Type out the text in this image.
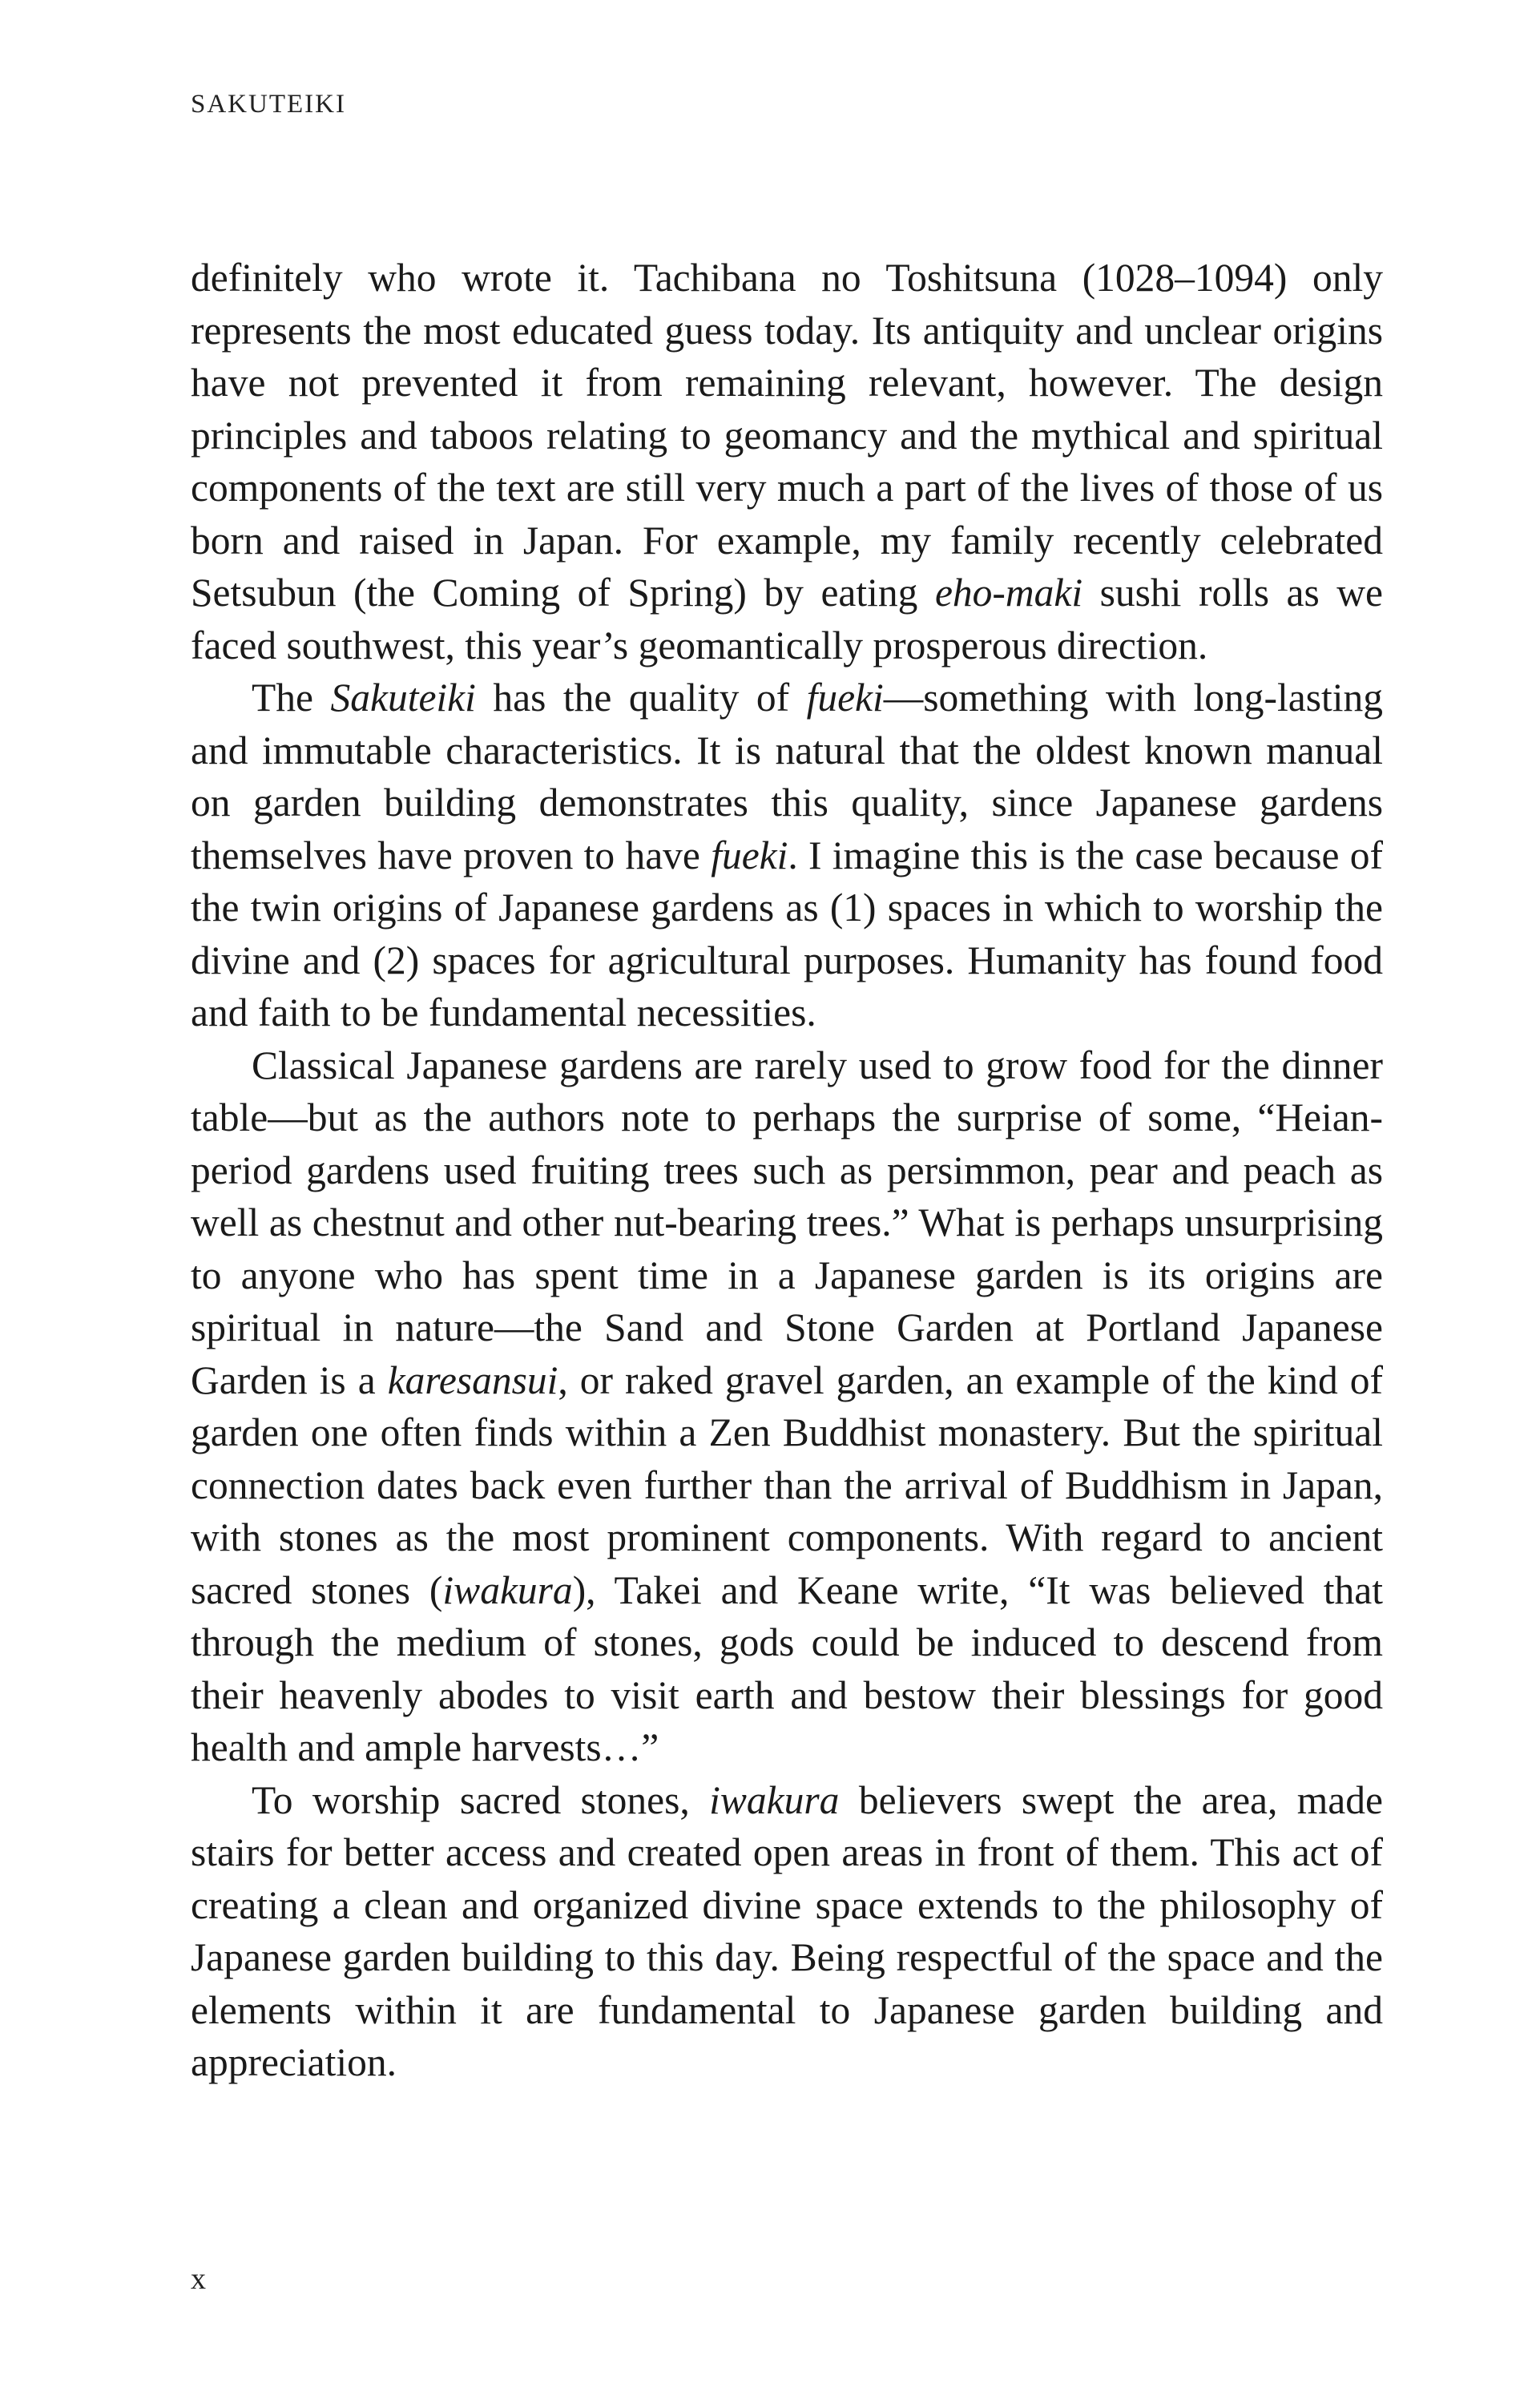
SAKUTEIKI

definitely who wrote it. Tachibana no Toshitsuna (1028–1094) only represents the most educated guess today. Its antiquity and unclear origins have not prevented it from remaining relevant, however. The design principles and taboos relating to geomancy and the mythical and spiritual components of the text are still very much a part of the lives of those of us born and raised in Japan. For example, my family recently celebrated Setsubun (the Coming of Spring) by eating eho-maki sushi rolls as we faced southwest, this year’s geomantically prosperous direction.

The Sakuteiki has the quality of fueki—something with long-lasting and immutable characteristics. It is natural that the oldest known manual on garden building demonstrates this quality, since Japanese gardens themselves have proven to have fueki. I imagine this is the case because of the twin origins of Japanese gardens as (1) spaces in which to worship the divine and (2) spaces for agricultural purposes. Humanity has found food and faith to be fundamental necessities.

Classical Japanese gardens are rarely used to grow food for the dinner table—but as the authors note to perhaps the surprise of some, “Heian-period gardens used fruiting trees such as persimmon, pear and peach as well as chestnut and other nut-bearing trees.” What is perhaps unsurprising to anyone who has spent time in a Japanese garden is its origins are spiritual in nature—the Sand and Stone Garden at Portland Japanese Garden is a karesansui, or raked gravel garden, an example of the kind of garden one often finds within a Zen Buddhist monastery. But the spiritual connection dates back even further than the arrival of Buddhism in Japan, with stones as the most prominent components. With regard to ancient sacred stones (iwakura), Takei and Keane write, “It was believed that through the medium of stones, gods could be induced to descend from their heavenly abodes to visit earth and bestow their blessings for good health and ample harvests…”

To worship sacred stones, iwakura believers swept the area, made stairs for better access and created open areas in front of them. This act of creating a clean and organized divine space extends to the philosophy of Japanese garden building to this day. Being respectful of the space and the elements within it are fundamental to Japanese garden building and appreciation.

x
